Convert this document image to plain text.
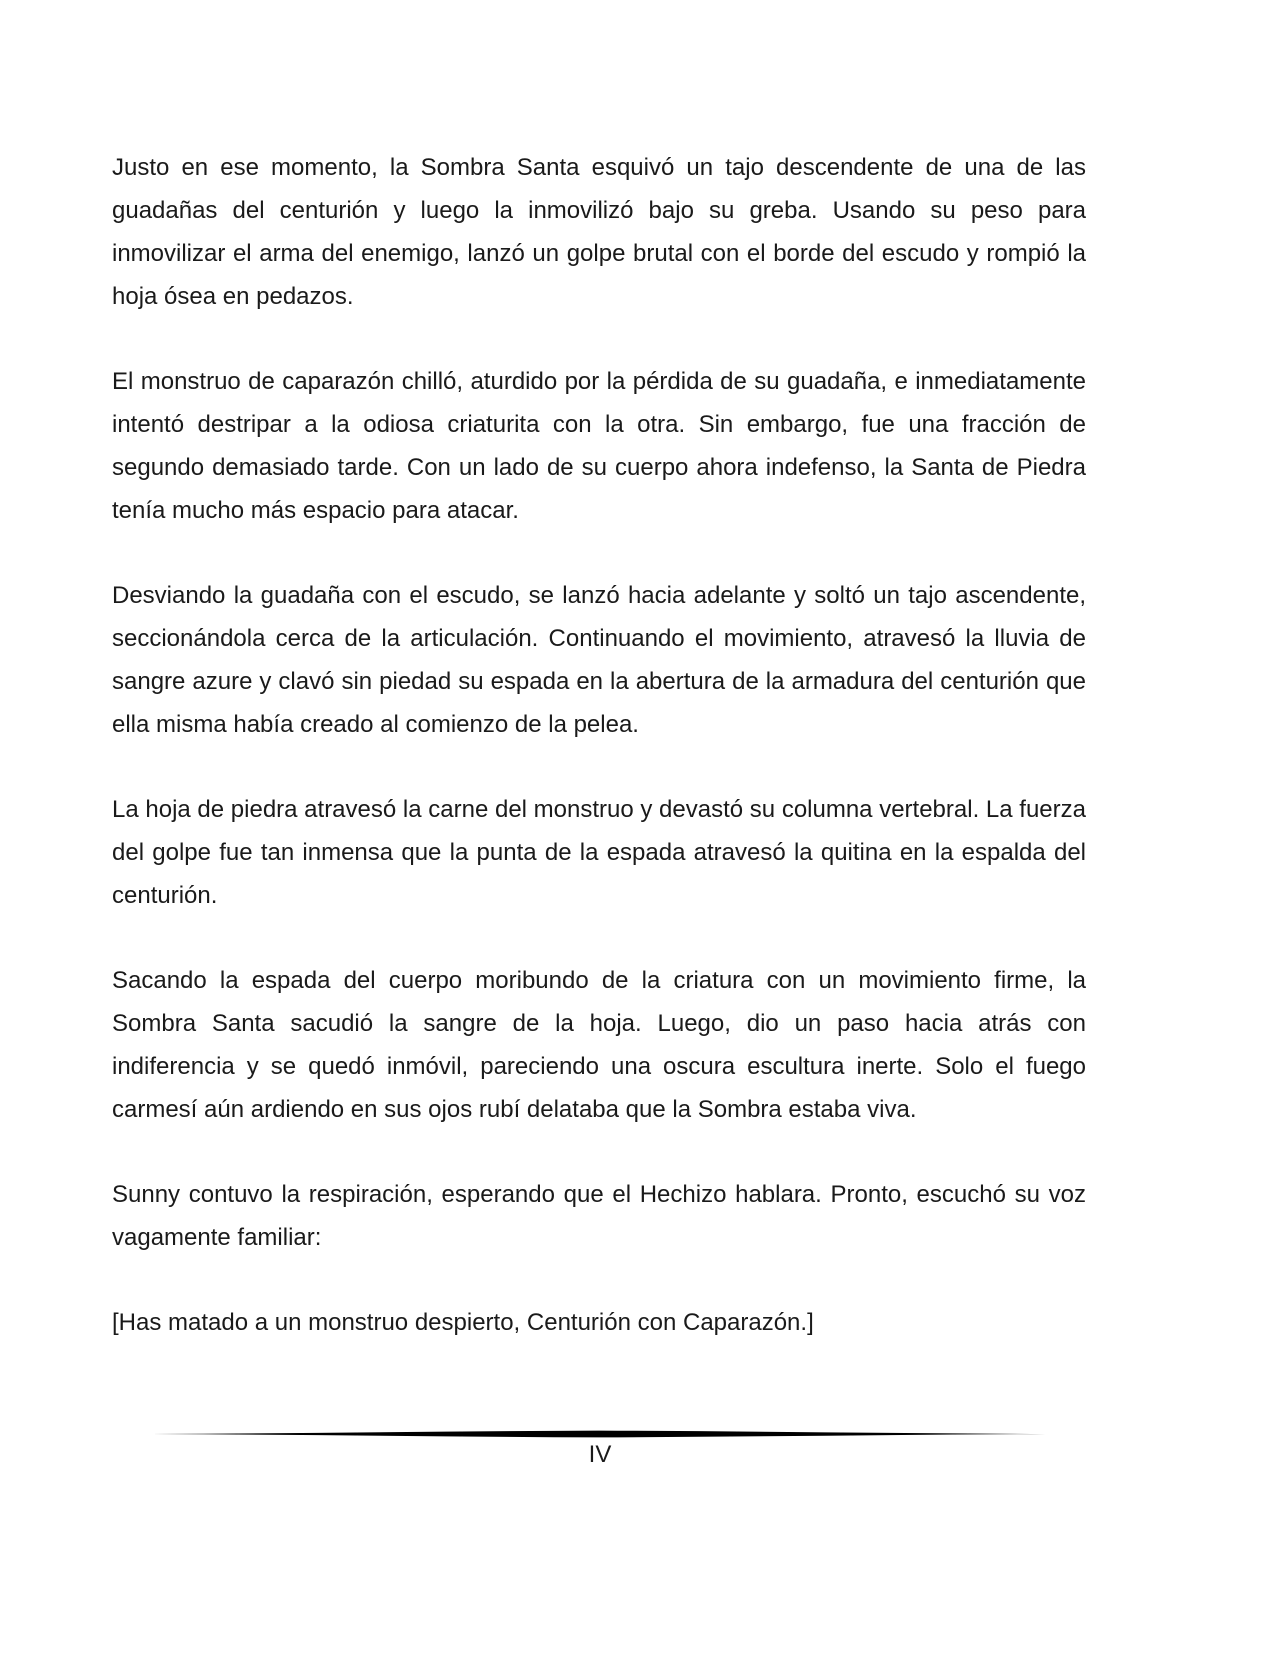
Justo en ese momento, la Sombra Santa esquivó un tajo descendente de una de las guadañas del centurión y luego la inmovilizó bajo su greba. Usando su peso para inmovilizar el arma del enemigo, lanzó un golpe brutal con el borde del escudo y rompió la hoja ósea en pedazos.

El monstruo de caparazón chilló, aturdido por la pérdida de su guadaña, e inmediatamente intentó destripar a la odiosa criaturita con la otra. Sin embargo, fue una fracción de segundo demasiado tarde. Con un lado de su cuerpo ahora indefenso, la Santa de Piedra tenía mucho más espacio para atacar.

Desviando la guadaña con el escudo, se lanzó hacia adelante y soltó un tajo ascendente, seccionándola cerca de la articulación. Continuando el movimiento, atravesó la lluvia de sangre azure y clavó sin piedad su espada en la abertura de la armadura del centurión que ella misma había creado al comienzo de la pelea.

La hoja de piedra atravesó la carne del monstruo y devastó su columna vertebral. La fuerza del golpe fue tan inmensa que la punta de la espada atravesó la quitina en la espalda del centurión.

Sacando la espada del cuerpo moribundo de la criatura con un movimiento firme, la Sombra Santa sacudió la sangre de la hoja. Luego, dio un paso hacia atrás con indiferencia y se quedó inmóvil, pareciendo una oscura escultura inerte. Solo el fuego carmesí aún ardiendo en sus ojos rubí delataba que la Sombra estaba viva.

Sunny contuvo la respiración, esperando que el Hechizo hablara. Pronto, escuchó su voz vagamente familiar:

[Has matado a un monstruo despierto, Centurión con Caparazón.]

IV
